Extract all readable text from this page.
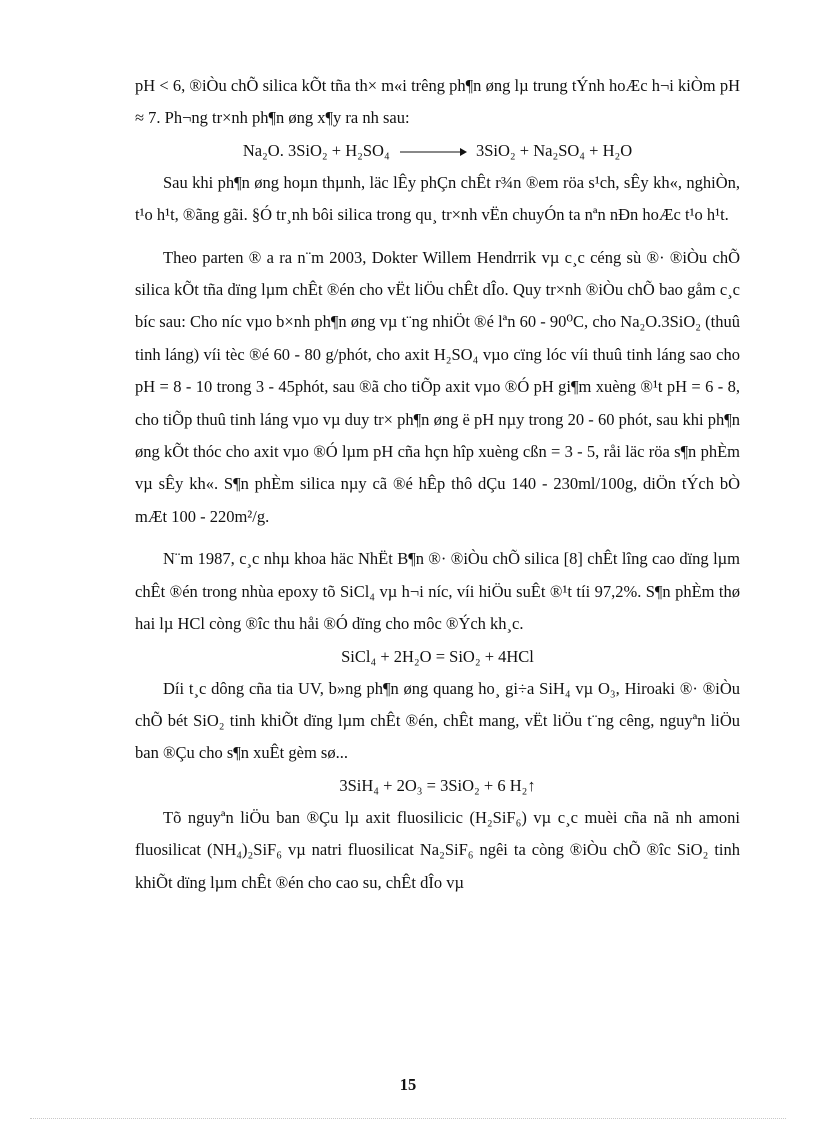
pH < 6, ®iÒu chÕ silica kÕt tña th× m«i trêng ph¶n øng lµ trung tÝnh hoÆc h¬i kiÒm pH ≈ 7. Ph¬ng tr×nh ph¶n øng x¶y ra nh sau:

Na₂O. 3SiO₂ + H₂SO₄	3SiO₂ + Na₂SO₄ + H₂O

Sau khi ph¶n øng hoµn thµnh, läc lÊy phÇn chÊt r¾n ®em röa s¹ch, sÊy kh«, nghiÒn, t¹o h¹t, ®ãng gãi. §Ó tr¸nh bôi silica trong qu¸ tr×nh vËn chuyÓn ta nªn nÐn hoÆc t¹o h¹t.

Theo parten ® a ra n¨m 2003, Dokter Willem Hendrrik vµ c¸c céng sù ®· ®iÒu chÕ silica kÕt tña dïng lµm chÊt ®én cho vËt liÖu chÊt dÎo. Quy tr×nh ®iÒu chÕ bao gåm c¸c bíc sau: Cho níc vµo b×nh ph¶n øng vµ t¨ng nhiÖt ®é lªn 60 - 90⁰C, cho Na₂O.3SiO₂ (thuû tinh láng) víi tèc ®é 60 - 80 g/phót, cho axit H₂SO₄ vµo cïng lóc víi thuû tinh láng sao cho pH = 8 - 10 trong 3 - 45phót, sau ®ã cho tiÕp axit vµo ®Ó pH gi¶m xuèng ®¹t pH = 6 - 8, cho tiÕp thuû tinh láng vµo vµ duy tr× ph¶n øng ë pH nµy trong 20 - 60 phót, sau khi ph¶n øng kÕt thóc cho axit vµo ®Ó lµm pH cña hçn hîp xuèng cßn = 3 - 5, råi läc röa s¶n phÈm vµ sÊy kh«. S¶n phÈm silica nµy cã ®é hÊp thô dÇu 140 - 230ml/100g, diÖn tÝch bÒ mÆt 100 - 220m²/g.

N¨m 1987, c¸c nhµ khoa häc NhËt B¶n ®· ®iÒu chÕ silica [8] chÊt lîng cao dïng lµm chÊt ®én trong nhùa epoxy tõ SiCl₄ vµ h¬i níc, víi hiÖu suÊt ®¹t tíi 97,2%. S¶n phÈm thø hai lµ HCl còng ®îc thu håi ®Ó dïng cho môc ®Ých kh¸c.

SiCl₄ + 2H₂O = SiO₂ + 4HCl

Díi t¸c dông cña tia UV, b»ng ph¶n øng quang ho¸ gi÷a SiH₄ vµ O₃, Hiroaki ®· ®iÒu chÕ bét SiO₂ tinh khiÕt dïng lµm chÊt ®én, chÊt mang, vËt liÖu t¨ng cêng, nguyªn liÖu ban ®Çu cho s¶n xuÊt gèm sø...

3SiH₄ + 2O₃ = 3SiO₂ + 6 H₂↑

Tõ nguyªn liÖu ban ®Çu lµ axit fluosilicic (H₂SiF₆) vµ c¸c muèi cña nã nh amoni fluosilicat (NH₄)₂SiF₆ vµ natri fluosilicat Na₂SiF₆ ngêi ta còng ®iÒu chÕ ®îc SiO₂ tinh khiÕt dïng lµm chÊt ®én cho cao su, chÊt dÎo vµ

15
